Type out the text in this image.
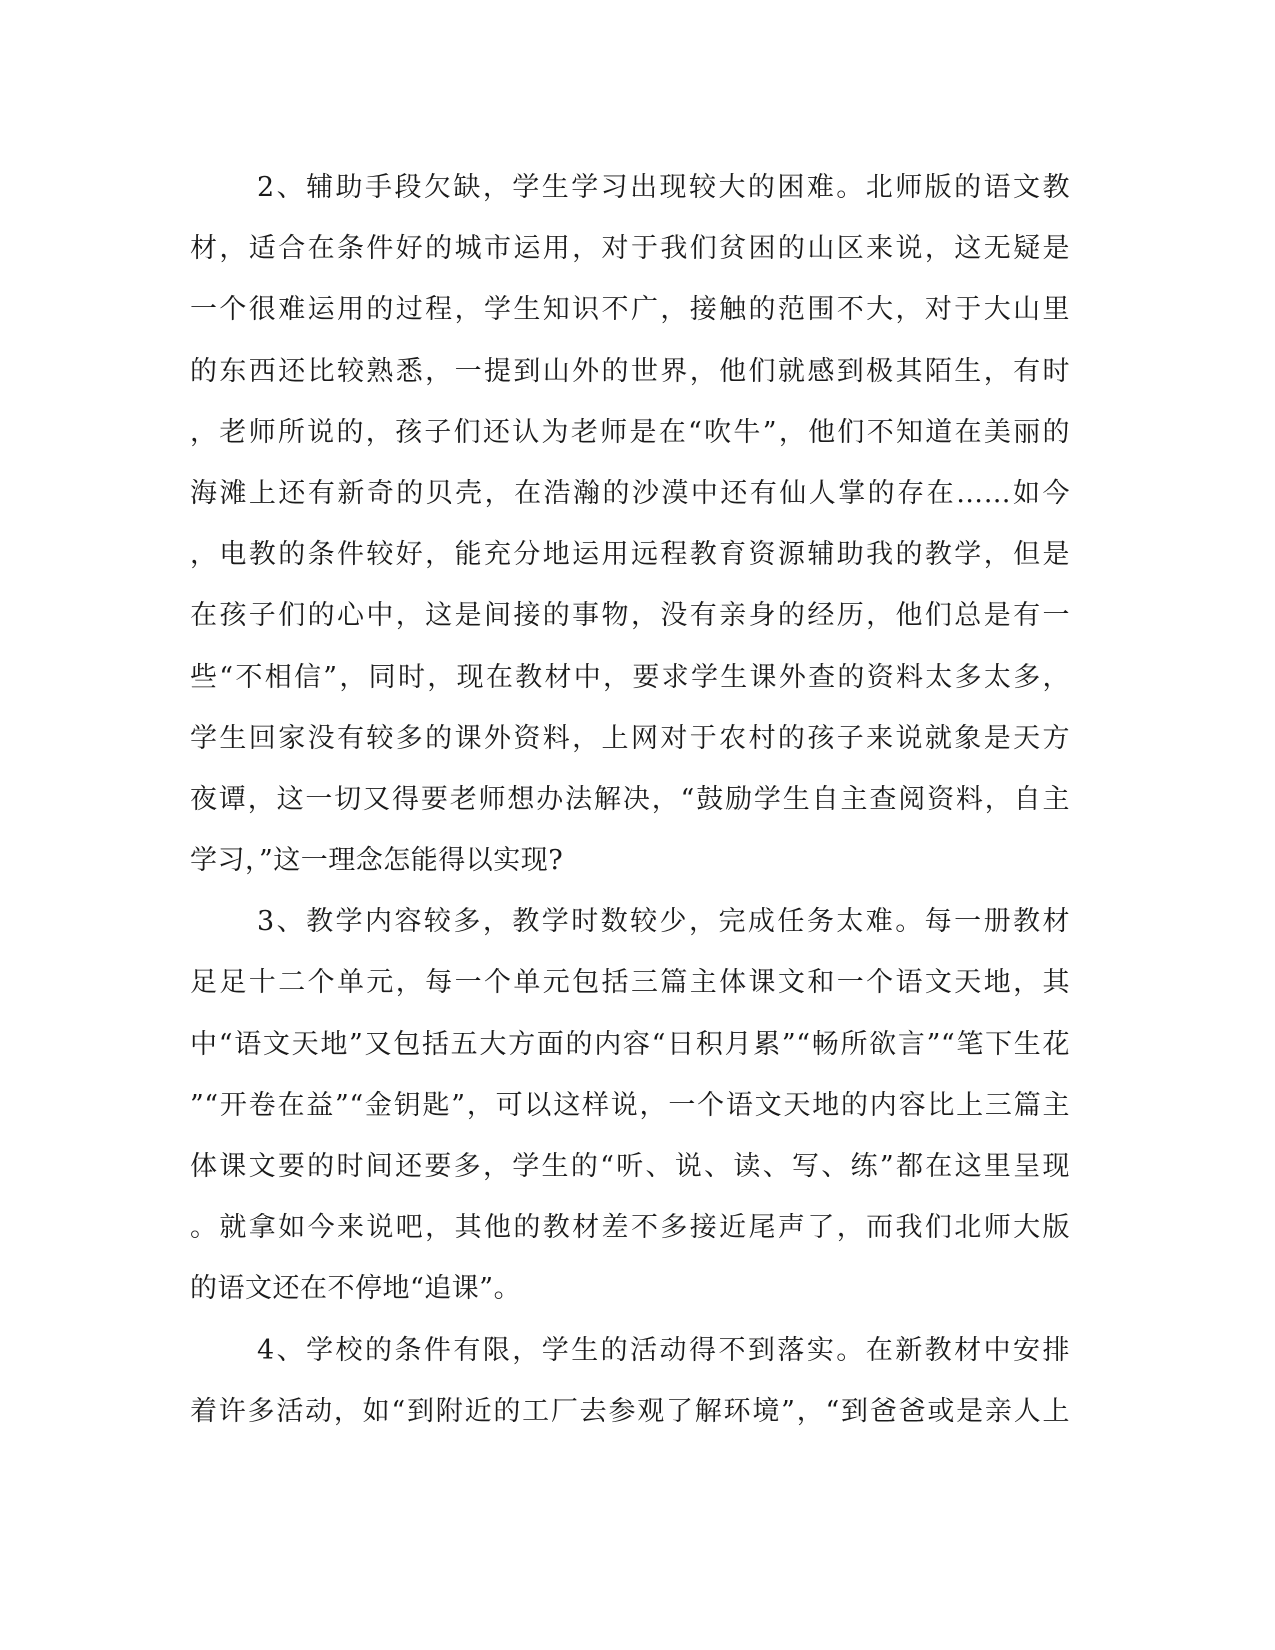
2、辅助手段欠缺，学生学习出现较大的困难。北师版的语文教
材，适合在条件好的城市运用，对于我们贫困的山区来说，这无疑是
一个很难运用的过程，学生知识不广，接触的范围不大，对于大山里
的东西还比较熟悉，一提到山外的世界，他们就感到极其陌生，有时
，老师所说的，孩子们还认为老师是在“吹牛”，他们不知道在美丽的
海滩上还有新奇的贝壳，在浩瀚的沙漠中还有仙人掌的存在……如今
，电教的条件较好，能充分地运用远程教育资源辅助我的教学，但是
在孩子们的心中，这是间接的事物，没有亲身的经历，他们总是有一
些“不相信”，同时，现在教材中，要求学生课外查的资料太多太多，
学生回家没有较多的课外资料，上网对于农村的孩子来说就象是天方
夜谭，这一切又得要老师想办法解决，“鼓励学生自主查阅资料，自主
学习，”这一理念怎能得以实现?
3、教学内容较多，教学时数较少，完成任务太难。每一册教材
足足十二个单元，每一个单元包括三篇主体课文和一个语文天地，其
中“语文天地”又包括五大方面的内容“日积月累”“畅所欲言”“笔下生花
”“开卷在益”“金钥匙”，可以这样说，一个语文天地的内容比上三篇主
体课文要的时间还要多，学生的“听、说、读、写、练”都在这里呈现
。就拿如今来说吧，其他的教材差不多接近尾声了，而我们北师大版
的语文还在不停地“追课”。
4、学校的条件有限，学生的活动得不到落实。在新教材中安排
着许多活动，如“到附近的工厂去参观了解环境”，“到爸爸或是亲人上
